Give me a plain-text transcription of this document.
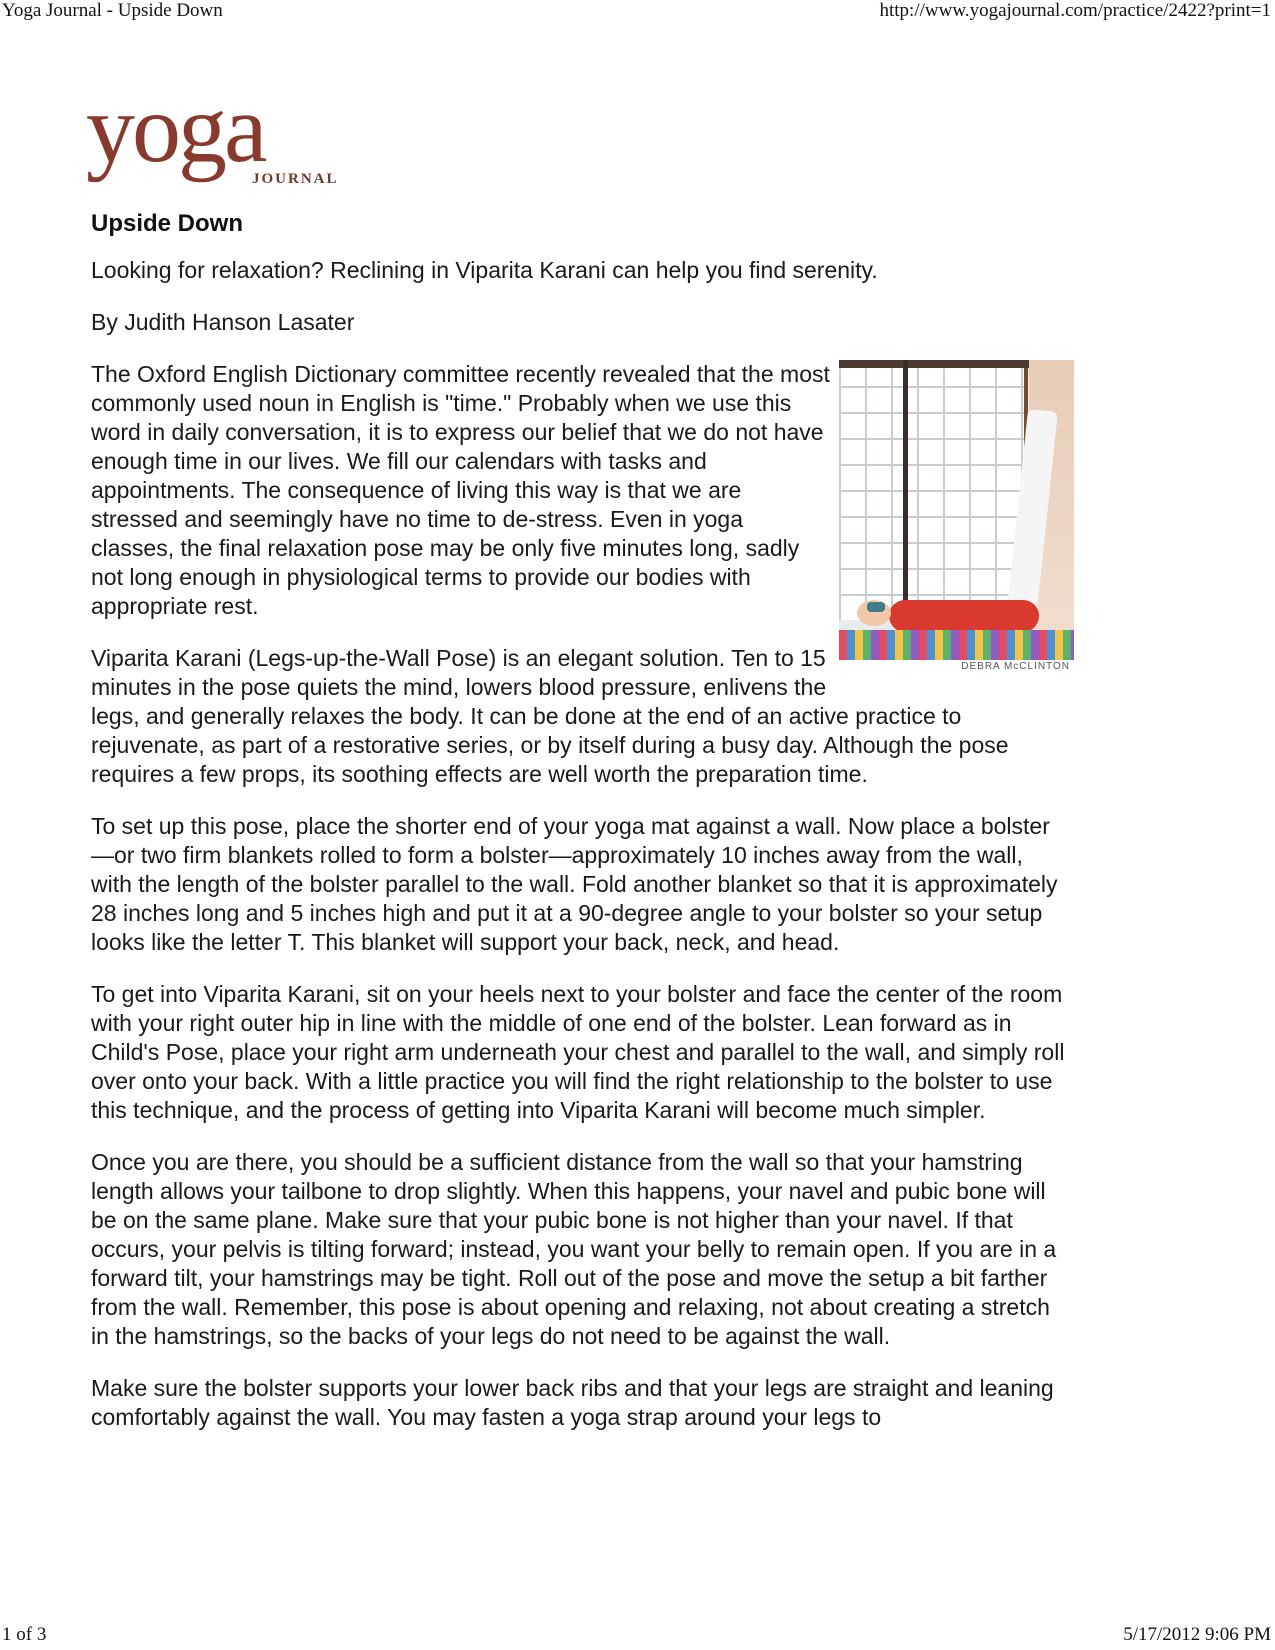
Yoga Journal - Upside Down	http://www.yogajournal.com/practice/2422?print=1
yoga
JOURNAL
Upside Down

Looking for relaxation? Reclining in Viparita Karani can help you find serenity.

By Judith Hanson Lasater

DEBRA McCLINTON

The Oxford English Dictionary committee recently revealed that the most commonly used noun in English is "time." Probably when we use this word in daily conversation, it is to express our belief that we do not have enough time in our lives. We fill our calendars with tasks and appointments. The consequence of living this way is that we are stressed and seemingly have no time to de-stress. Even in yoga classes, the final relaxation pose may be only five minutes long, sadly not long enough in physiological terms to provide our bodies with appropriate rest.

Viparita Karani (Legs-up-the-Wall Pose) is an elegant solution. Ten to 15 minutes in the pose quiets the mind, lowers blood pressure, enlivens the legs, and generally relaxes the body. It can be done at the end of an active practice to rejuvenate, as part of a restorative series, or by itself during a busy day. Although the pose requires a few props, its soothing effects are well worth the preparation time.

To set up this pose, place the shorter end of your yoga mat against a wall. Now place a bolster—or two firm blankets rolled to form a bolster—approximately 10 inches away from the wall, with the length of the bolster parallel to the wall. Fold another blanket so that it is approximately 28 inches long and 5 inches high and put it at a 90-degree angle to your bolster so your setup looks like the letter T. This blanket will support your back, neck, and head.

To get into Viparita Karani, sit on your heels next to your bolster and face the center of the room with your right outer hip in line with the middle of one end of the bolster. Lean forward as in Child's Pose, place your right arm underneath your chest and parallel to the wall, and simply roll over onto your back. With a little practice you will find the right relationship to the bolster to use this technique, and the process of getting into Viparita Karani will become much simpler.

Once you are there, you should be a sufficient distance from the wall so that your hamstring length allows your tailbone to drop slightly. When this happens, your navel and pubic bone will be on the same plane. Make sure that your pubic bone is not higher than your navel. If that occurs, your pelvis is tilting forward; instead, you want your belly to remain open. If you are in a forward tilt, your hamstrings may be tight. Roll out of the pose and move the setup a bit farther from the wall. Remember, this pose is about opening and relaxing, not about creating a stretch in the hamstrings, so the backs of your legs do not need to be against the wall.

Make sure the bolster supports your lower back ribs and that your legs are straight and leaning comfortably against the wall. You may fasten a yoga strap around your legs to

1 of 3	5/17/2012 9:06 PM
